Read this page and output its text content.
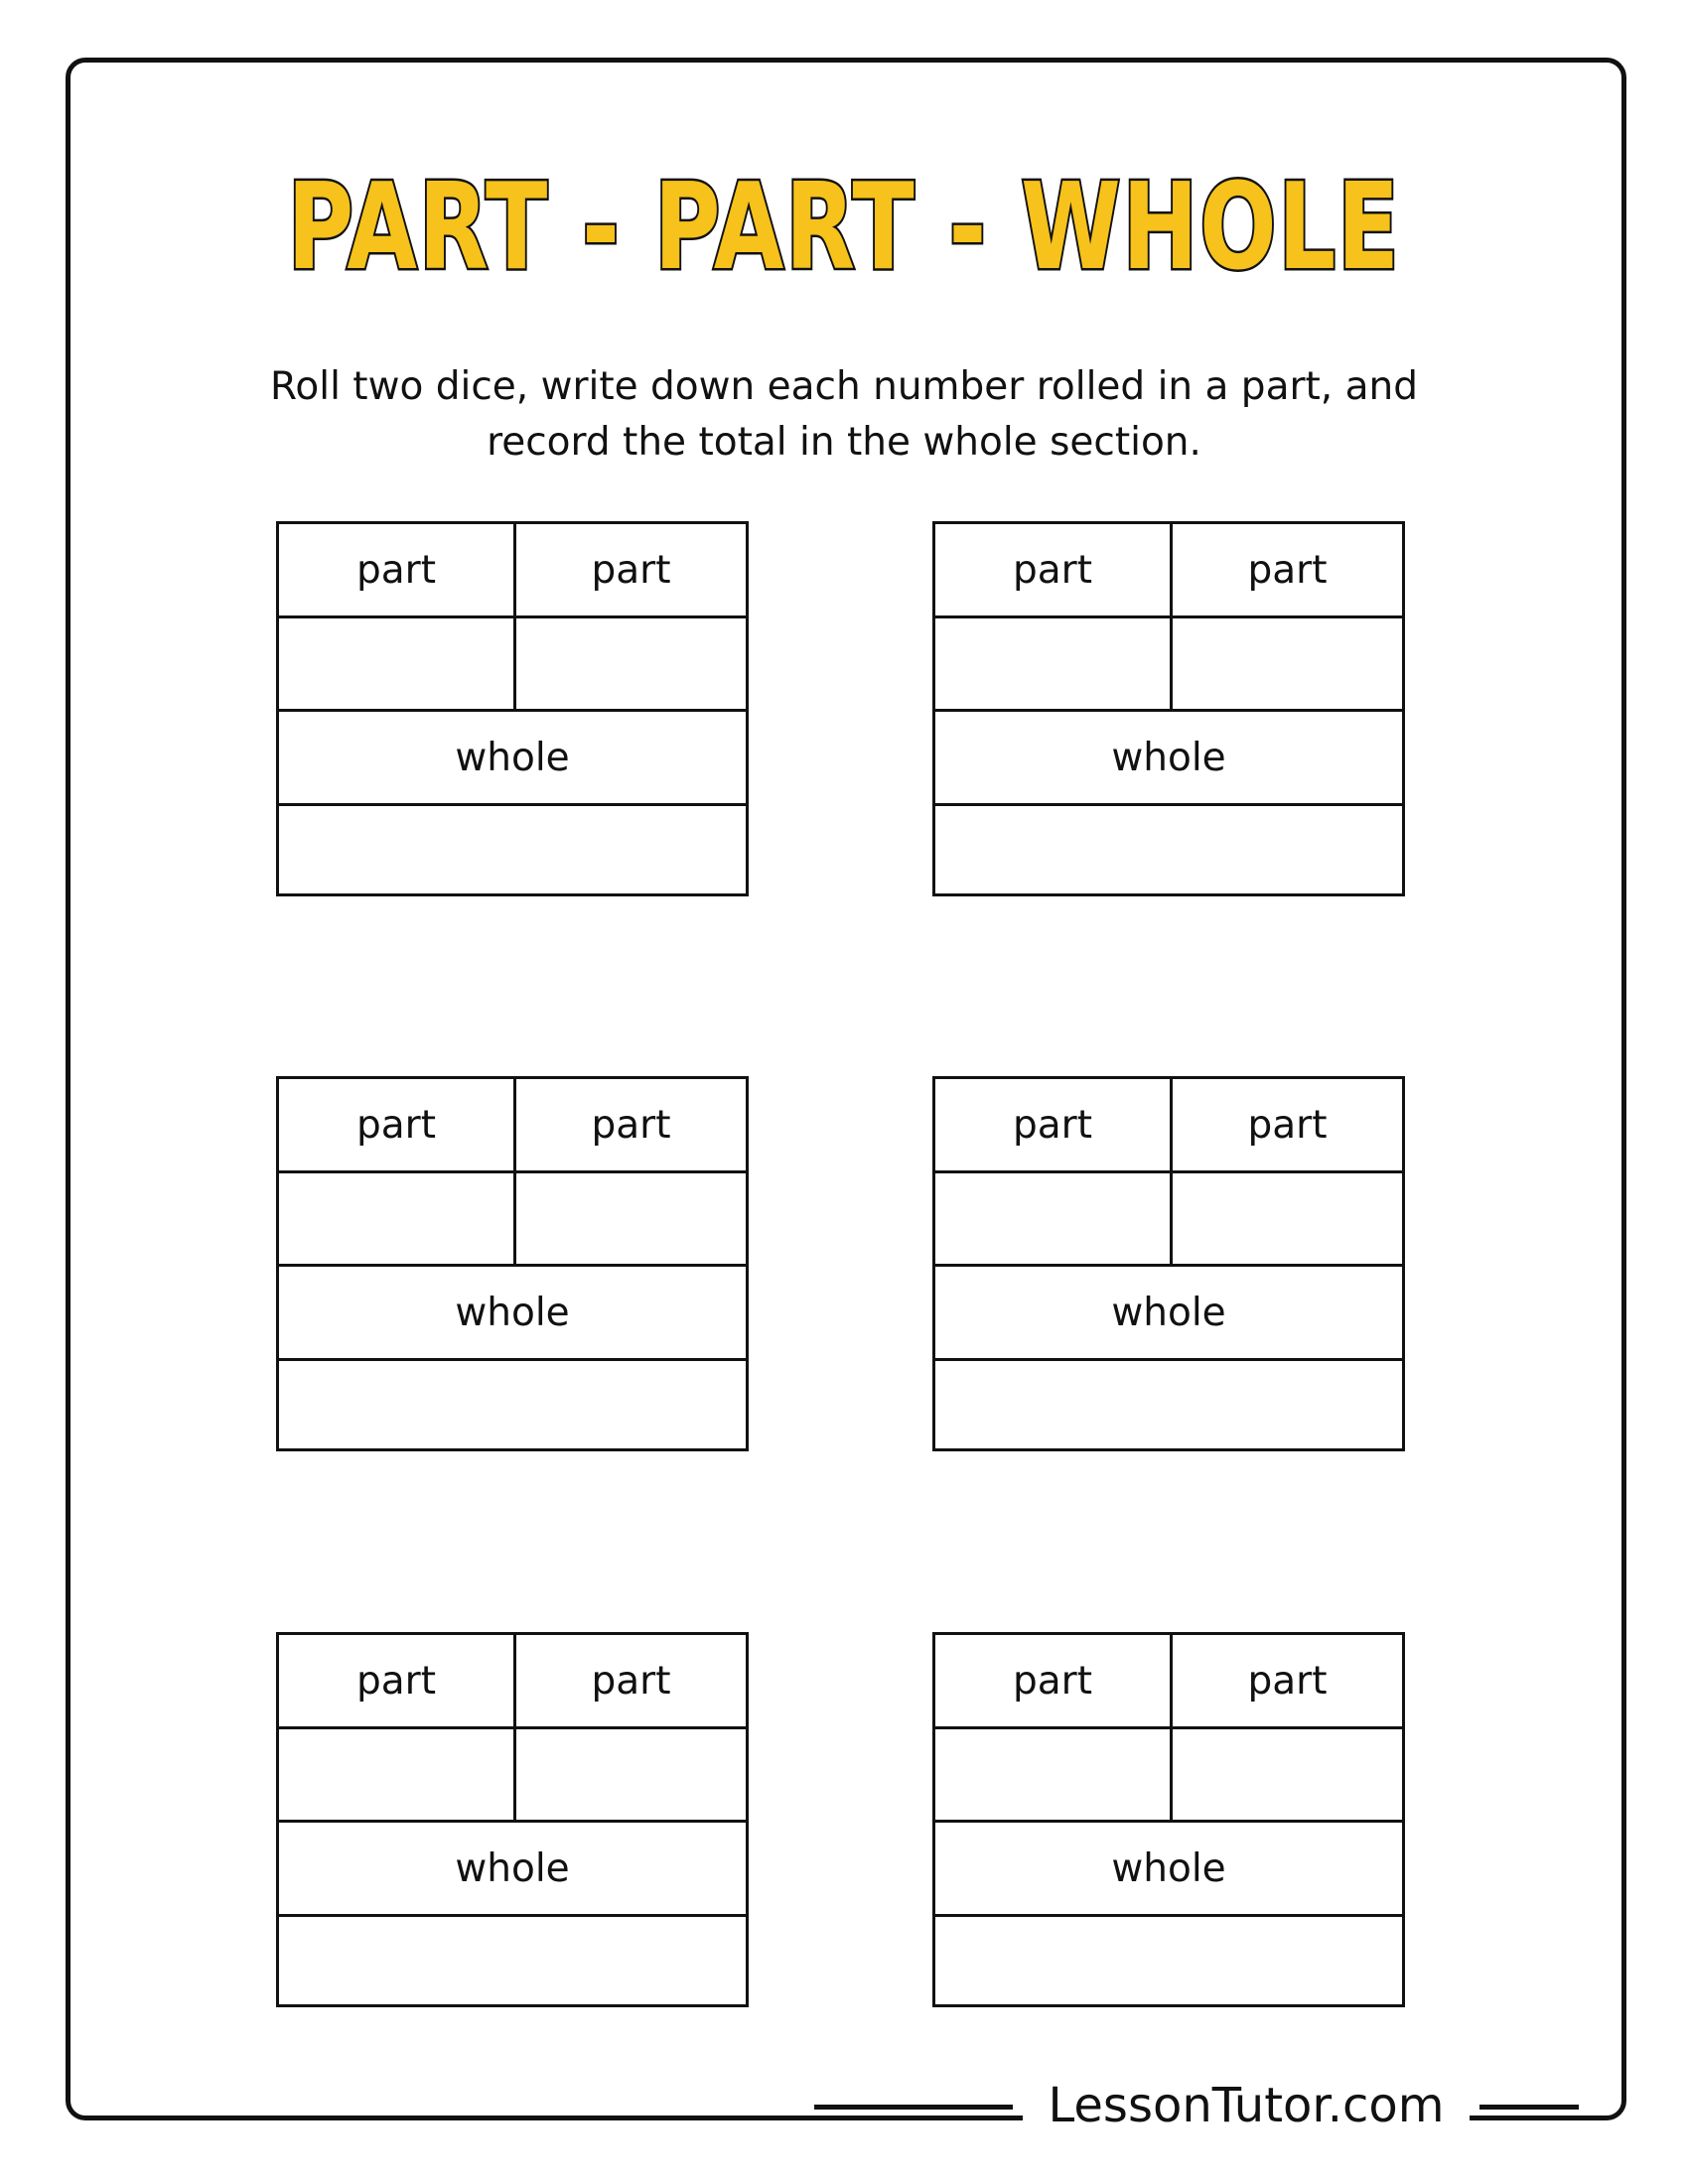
PART - PART - WHOLE
Roll two dice, write down each number rolled in a part, and
record the total in the whole section.
part	part
whole
part	part
whole
part	part
whole
part	part
whole
part	part
whole
part	part
whole
LessonTutor.com
